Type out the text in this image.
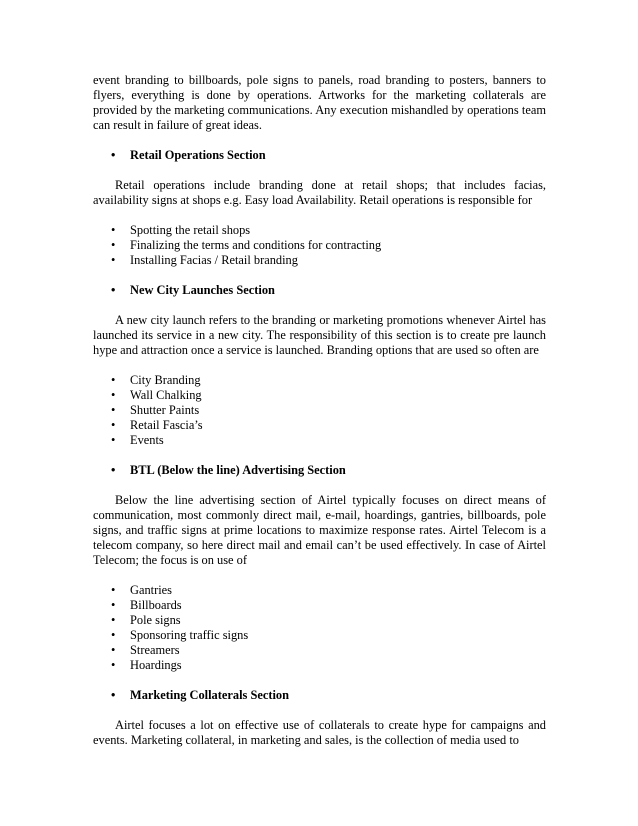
event branding to billboards, pole signs to panels, road branding to posters, banners to flyers, everything is done by operations. Artworks for the marketing collaterals are provided by the marketing communications. Any execution mishandled by operations team can result in failure of great ideas.

• Retail Operations Section

Retail operations include branding done at retail shops; that includes facias, availability signs at shops e.g. Easy load Availability. Retail operations is responsible for

• Spotting the retail shops
• Finalizing the terms and conditions for contracting
• Installing Facias / Retail branding
• New City Launches Section

A new city launch refers to the branding or marketing promotions whenever Airtel has launched its service in a new city. The responsibility of this section is to create pre launch hype and attraction once a service is launched. Branding options that are used so often are

• City Branding
• Wall Chalking
• Shutter Paints
• Retail Fascia’s
• Events
• BTL (Below the line) Advertising Section

Below the line advertising section of Airtel typically focuses on direct means of communication, most commonly direct mail, e-mail, hoardings, gantries, billboards, pole signs, and traffic signs at prime locations to maximize response rates. Airtel Telecom is a telecom company, so here direct mail and email can’t be used effectively. In case of Airtel Telecom; the focus is on use of

• Gantries
• Billboards
• Pole signs
• Sponsoring traffic signs
• Streamers
• Hoardings
• Marketing Collaterals Section

Airtel focuses a lot on effective use of collaterals to create hype for campaigns and events. Marketing collateral, in marketing and sales, is the collection of media used to
